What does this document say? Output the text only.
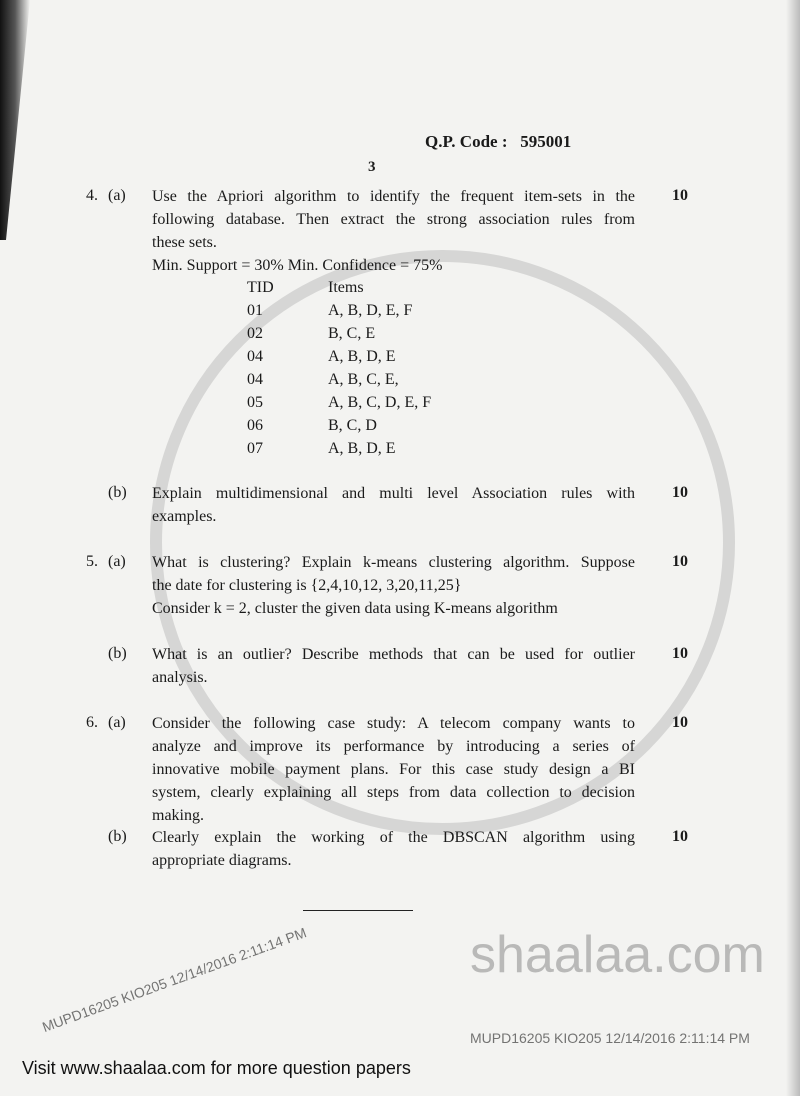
shaalaa.com
MUPD16205 KIO205 12/14/2016 2:11:14 PM
MUPD16205 KIO205 12/14/2016 2:11:14 PM
Q.P. Code : 595001
3
4. (a)	10
Use the Apriori algorithm to identify the frequent item-sets in the
following database. Then extract the strong association rules from
these sets.
Min. Support = 30% Min. Confidence = 75%
TID	Items
01	A, B, D, E, F
02	B, C, E
04	A, B, D, E
04	A, B, C, E,
05	A, B, C, D, E, F
06	B, C, D
07	A, B, D, E
(b)	10
Explain multidimensional and multi level Association rules with
examples.
5. (a)	10
What is clustering? Explain k-means clustering algorithm. Suppose
the date for clustering is {2,4,10,12, 3,20,11,25}
Consider k = 2, cluster the given data using K-means algorithm
(b)	10
What is an outlier? Describe methods that can be used for outlier
analysis.
6. (a)	10
Consider the following case study: A telecom company wants to
analyze and improve its performance by introducing a series of
innovative mobile payment plans. For this case study design a BI
system, clearly explaining all steps from data collection to decision
making.
(b)	10
Clearly explain the working of the DBSCAN algorithm using
appropriate diagrams.
Visit www.shaalaa.com for more question papers
